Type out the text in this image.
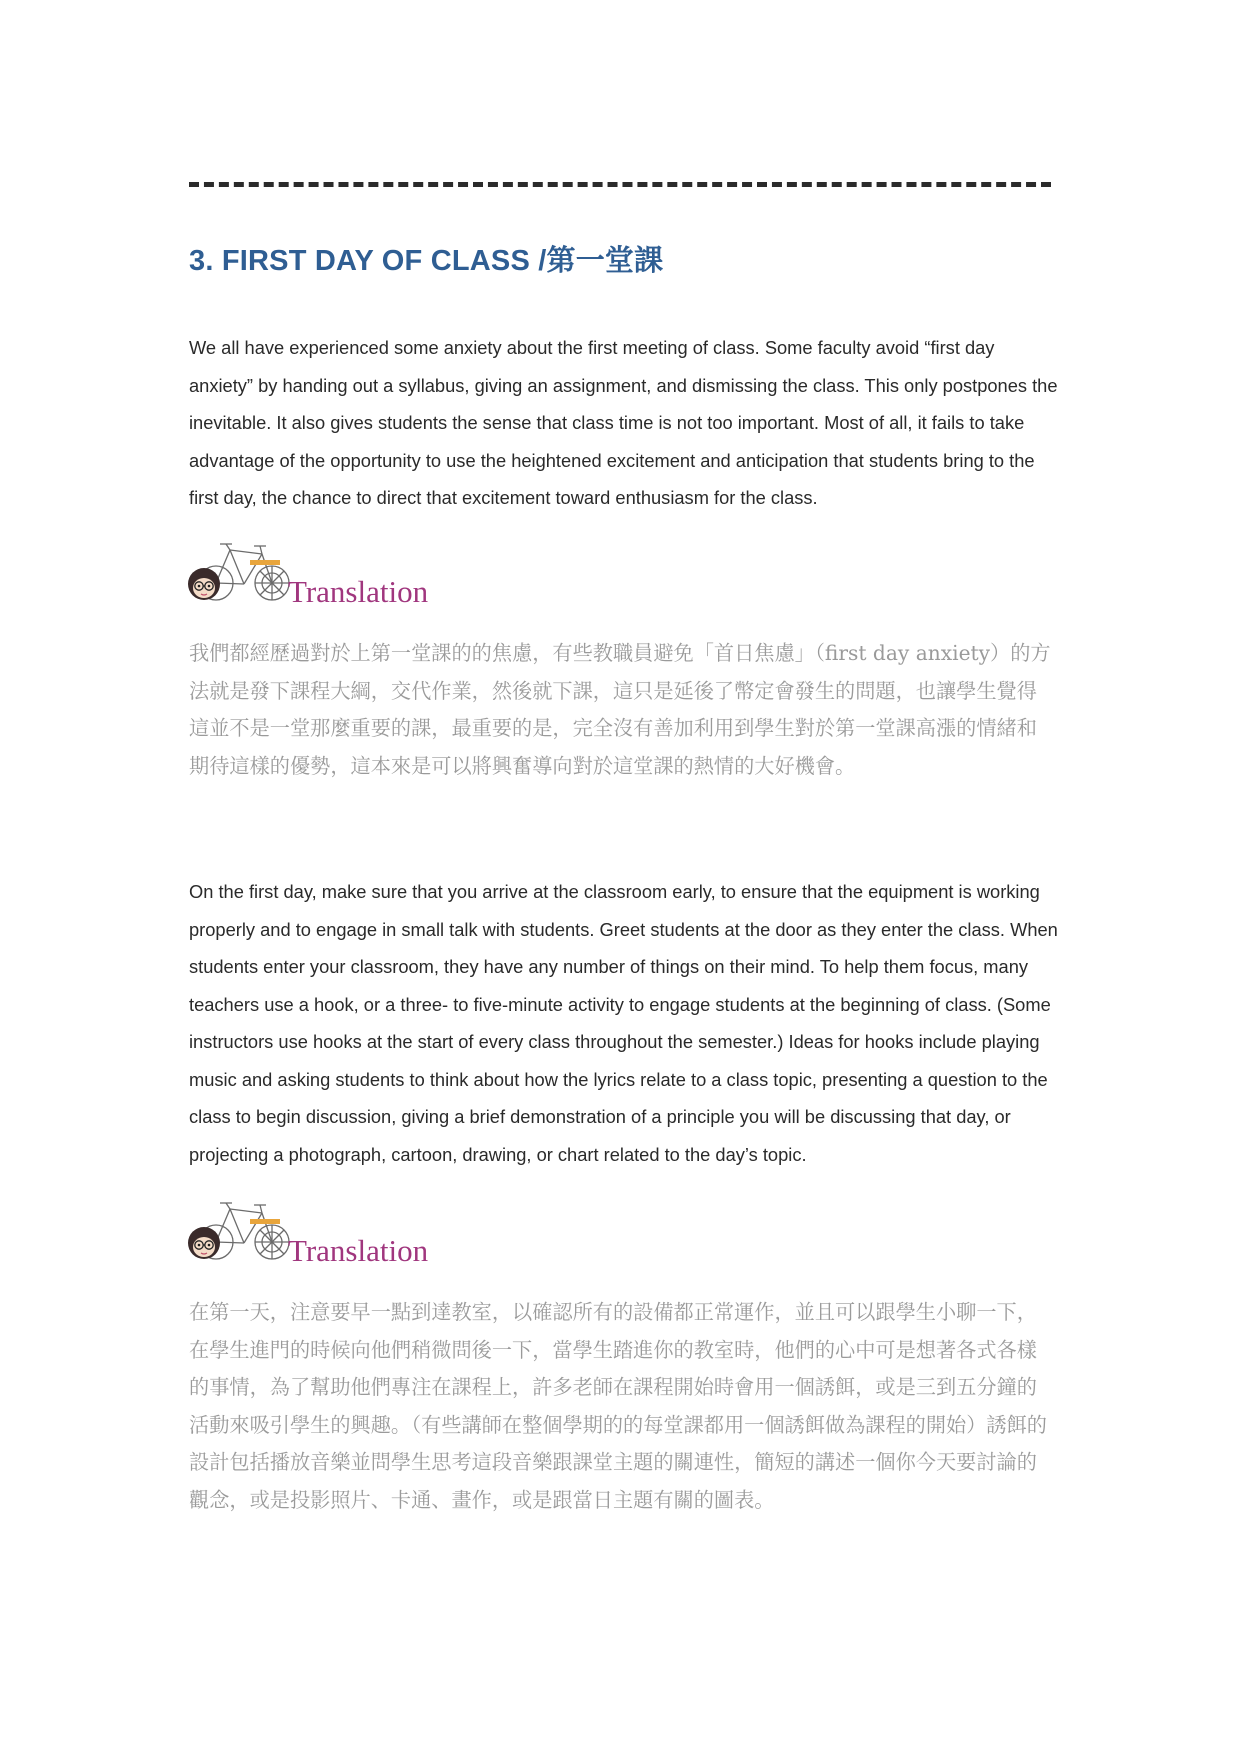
3. FIRST DAY OF CLASS /第一堂課
We all have experienced some anxiety about the first meeting of class. Some faculty avoid “first day anxiety” by handing out a syllabus, giving an assignment, and dismissing the class. This only postpones the inevitable. It also gives students the sense that class time is not too important. Most of all, it fails to take advantage of the opportunity to use the heightened excitement and anticipation that students bring to the first day, the chance to direct that excitement toward enthusiasm for the class.
Translation
我們都經歷過對於上第一堂課的的焦慮，有些教職員避免「首日焦慮」（first day anxiety）的方法就是發下課程大綱，交代作業，然後就下課，這只是延後了幣定會發生的問題，也讓學生覺得這並不是一堂那麼重要的課，最重要的是，完全沒有善加利用到學生對於第一堂課高漲的情緒和期待這樣的優勢，這本來是可以將興奮導向對於這堂課的熱情的大好機會。
On the first day, make sure that you arrive at the classroom early, to ensure that the equipment is working properly and to engage in small talk with students. Greet students at the door as they enter the class. When students enter your classroom, they have any number of things on their mind. To help them focus, many teachers use a hook, or a three- to five-minute activity to engage students at the beginning of class. (Some instructors use hooks at the start of every class throughout the semester.) Ideas for hooks include playing music and asking students to think about how the lyrics relate to a class topic, presenting a question to the class to begin discussion, giving a brief demonstration of a principle you will be discussing that day, or projecting a photograph, cartoon, drawing, or chart related to the day’s topic.
Translation
在第一天，注意要早一點到達教室，以確認所有的設備都正常運作，並且可以跟學生小聊一下，在學生進門的時候向他們稍微問後一下，當學生踏進你的教室時，他們的心中可是想著各式各樣的事情，為了幫助他們專注在課程上，許多老師在課程開始時會用一個誘餌，或是三到五分鐘的活動來吸引學生的興趣。（有些講師在整個學期的的每堂課都用一個誘餌做為課程的開始）誘餌的設計包括播放音樂並問學生思考這段音樂跟課堂主題的關連性，簡短的講述一個你今天要討論的觀念，或是投影照片、卡通、畫作，或是跟當日主題有關的圖表。
